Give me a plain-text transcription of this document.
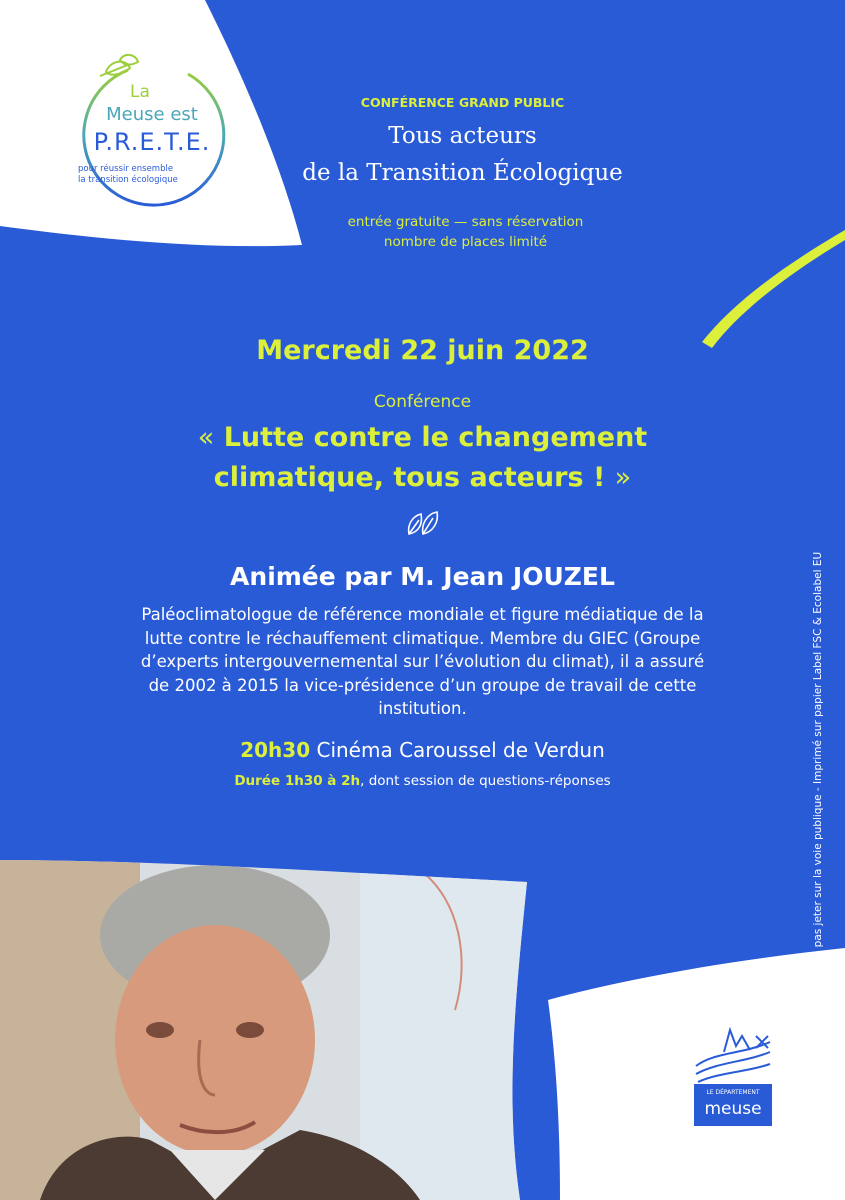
La
Meuse est
P.R.E.T.E.
pour réussir ensemble
la transition écologique
CONFÉRENCE GRAND PUBLIC
Tous acteurs
de la Transition Écologique
entrée gratuite — sans réservation
nombre de places limité
Mercredi 22 juin 2022
Conférence
« Lutte contre le changement
climatique, tous acteurs ! »
Animée par M. Jean JOUZEL
Paléoclimatologue de référence mondiale et figure médiatique de la
lutte contre le réchauffement climatique. Membre du GIEC (Groupe
d’experts intergouvernemental sur l’évolution du climat), il a assuré
de 2002 à 2015 la vice-présidence d’un groupe de travail de cette
institution.
20h30 Cinéma Caroussel de Verdun
Durée 1h30 à 2h, dont session de questions-réponses	Ne pas jeter sur la voie publique - Imprimé sur papier Label FSC & Ecolabel EU
LE DÉPARTEMENT
meuse
